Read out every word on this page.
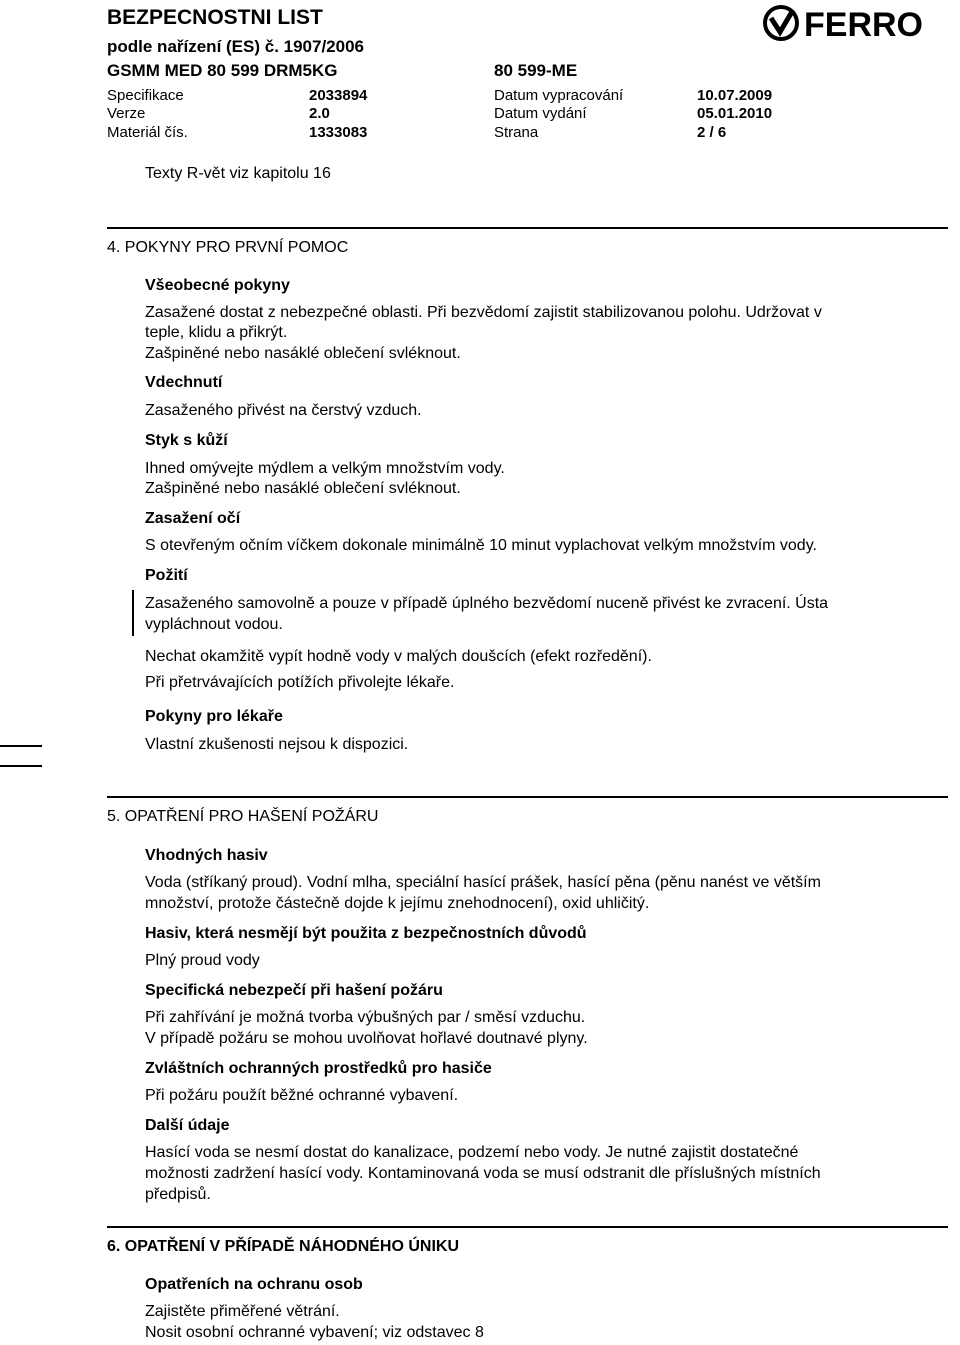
BEZPECNOSTNI LIST
podle nařízení (ES) č. 1907/2006
GSMM MED 80 599 DRM5KG	80 599-ME
Specifikace	2033894	Datum vypracování	10.07.2009
Verze	2.0	Datum vydání	05.01.2010
Materiál čís.	1333083	Strana	2 / 6
FERRO
Texty R-vět viz kapitolu 16
4. POKYNY PRO PRVNÍ POMOC
Všeobecné pokyny
Zasažené dostat z nebezpečné oblasti. Při bezvědomí zajistit stabilizovanou polohu. Udržovat v
teple, klidu a přikrýt.
Zašpiněné nebo nasáklé oblečení svléknout.
Vdechnutí
Zasaženého přivést na čerstvý vzduch.
Styk s kůží
Ihned omývejte mýdlem a velkým množstvím vody.
Zašpiněné nebo nasáklé oblečení svléknout.
Zasažení očí
S otevřeným očním víčkem dokonale minimálně 10 minut vyplachovat velkým množstvím vody.
Požití
Zasaženého samovolně a pouze v případě úplného bezvědomí nuceně přivést ke zvracení. Ústa
vypláchnout vodou.
Nechat okamžitě vypít hodně vody v malých doušcích (efekt rozředění).
Při přetrvávajících potížích přivolejte lékaře.
Pokyny pro lékaře
Vlastní zkušenosti nejsou k dispozici.
5. OPATŘENÍ PRO HAŠENÍ POŽÁRU
Vhodných hasiv
Voda (stříkaný proud). Vodní mlha, speciální hasící prášek, hasící pěna (pěnu nanést ve větším
množství, protože částečně dojde k jejímu znehodnocení), oxid uhličitý.
Hasiv, která nesmějí být použita z bezpečnostních důvodů
Plný proud vody
Specifická nebezpečí při hašení požáru
Při zahřívání je možná tvorba výbušných par / směsí vzduchu.
V případě požáru se mohou uvolňovat hořlavé doutnavé plyny.
Zvláštních ochranných prostředků pro hasiče
Při požáru použít běžné ochranné vybavení.
Další údaje
Hasící voda se nesmí dostat do kanalizace, podzemí nebo vody. Je nutné zajistit dostatečné
možnosti zadržení hasící vody. Kontaminovaná voda se musí odstranit dle příslušných místních
předpisů.
6. OPATŘENÍ V PŘÍPADĚ NÁHODNÉHO ÚNIKU
Opatřeních na ochranu osob
Zajistěte přiměřené větrání.
Nosit osobní ochranné vybavení; viz odstavec 8
